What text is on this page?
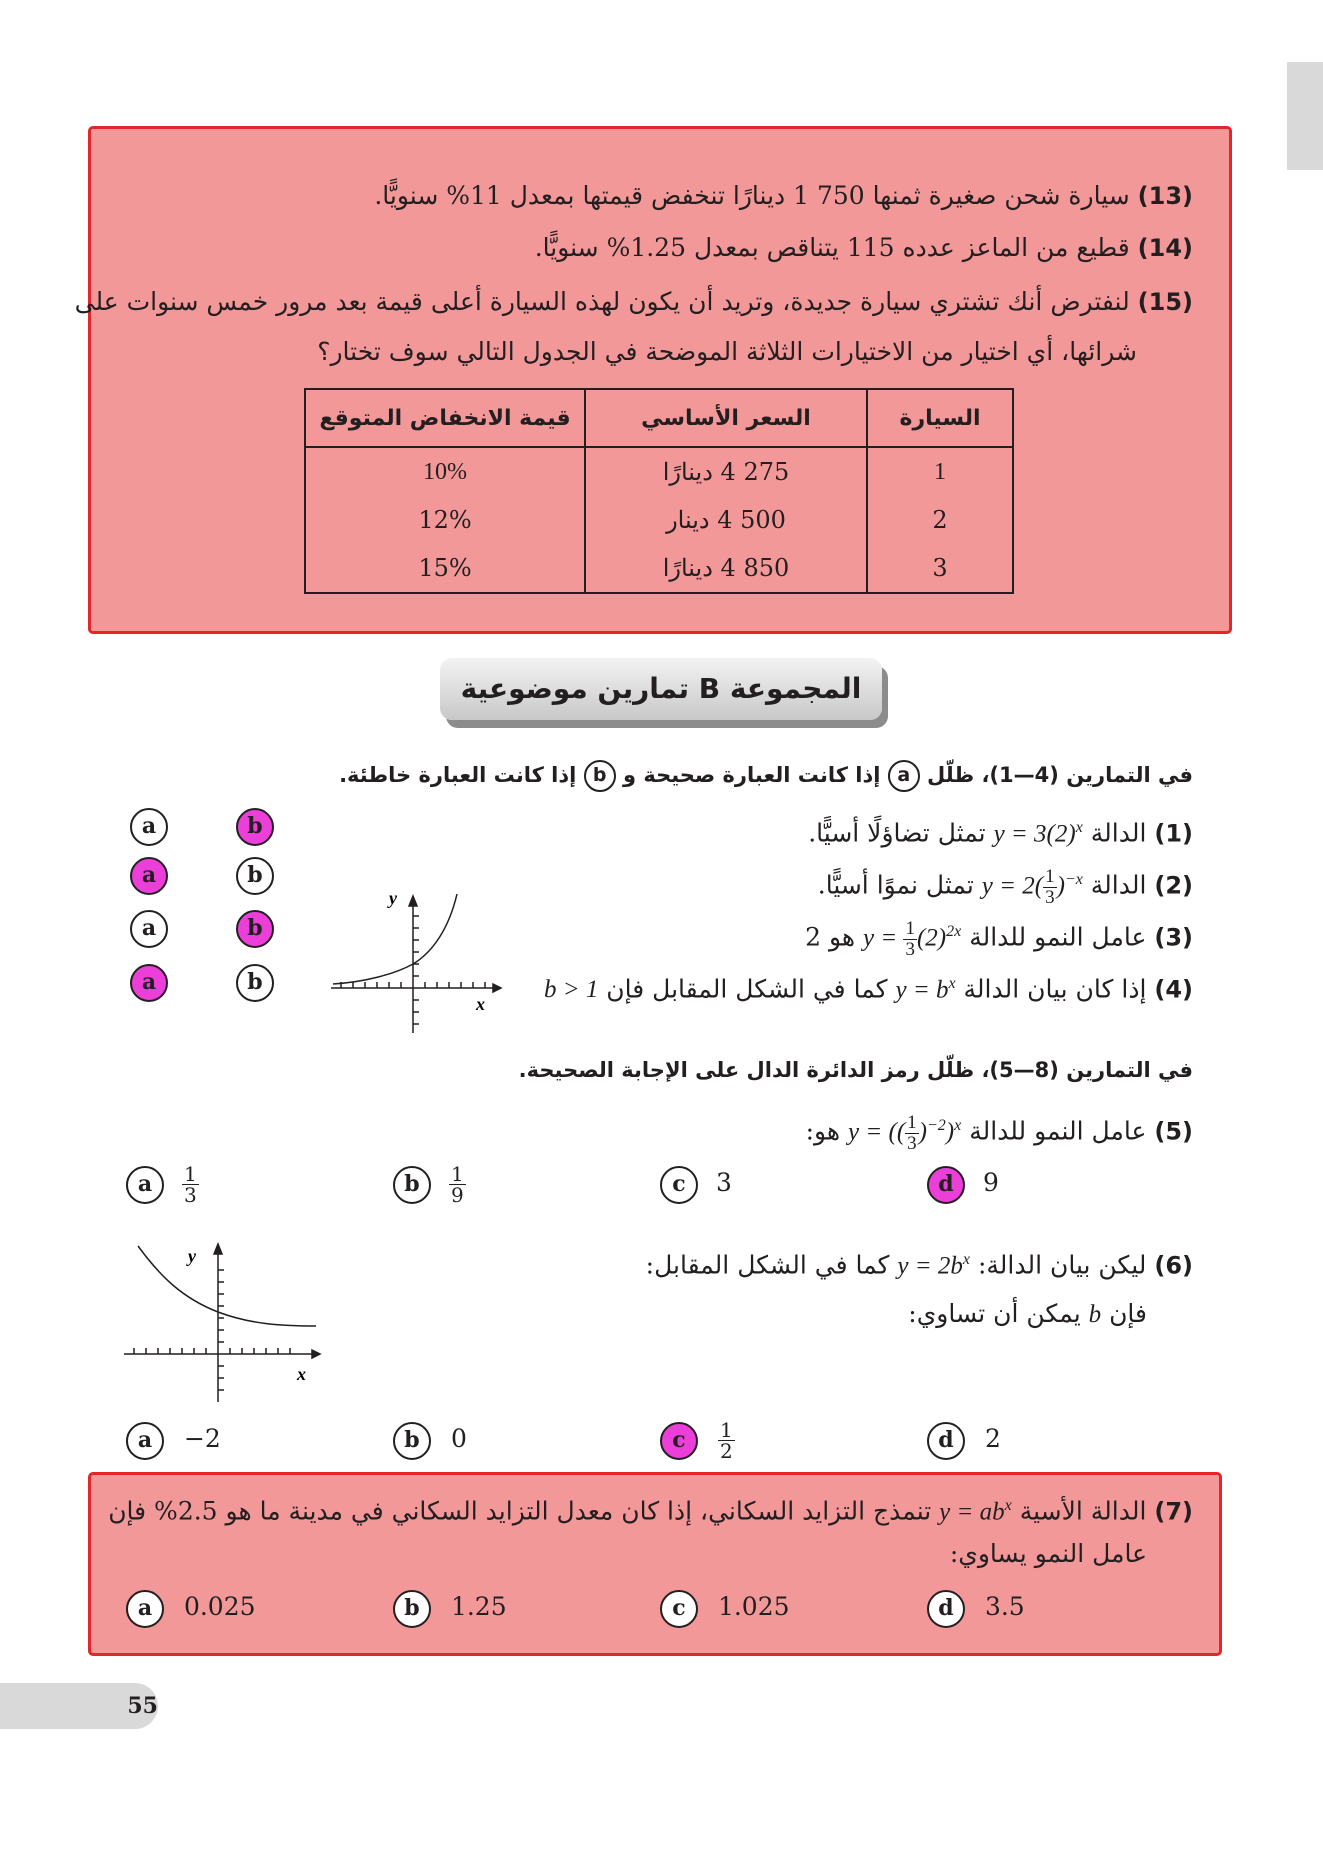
(13) سيارة شحن صغيرة ثمنها 750 1 دينارًا تنخفض قيمتها بمعدل 11% سنويًّا.
(14) قطيع من الماعز عدده 115 يتناقص بمعدل 1.25% سنويًّا.
(15) لنفترض أنك تشتري سيارة جديدة، وتريد أن يكون لهذه السيارة أعلى قيمة بعد مرور خمس سنوات على
شرائها، أي اختيار من الاختيارات الثلاثة الموضحة في الجدول التالي سوف تختار؟
السيارة	السعر الأساسي	قيمة الانخفاض المتوقع
1	275 4 دينارًا	10%
2	500 4 دينار	12%
3	850 4 دينارًا	15%
المجموعة B تمارين موضوعية
في التمارين (4—1)، ظلّل a إذا كانت العبارة صحيحة و b إذا كانت العبارة خاطئة.
(1) الدالة $y = 3(2)^x$ تمثل تضاؤلًا أسيًّا.
(2) الدالة $y = 2( \frac{1}{3} )^{-x}$ تمثل نموًا أسيًّا.
(3) عامل النمو للدالة $y = \frac{1}{3} (2)^{2x}$ هو 2
(4) إذا كان بيان الدالة $y = b^x$ كما في الشكل المقابل فإن b > 1
a	b
a	b
a	b
a	b
y
x
في التمارين (8—5)، ظلّل رمز الدائرة الدال على الإجابة الصحيحة.
(5) عامل النمو للدالة y = (( $\frac{1}{3} )^{-2})^x$ هو:
a $\frac{1}{3}$	b $\frac{1}{9}$	c 3	d 9
(6) ليكن بيان الدالة: $y = 2b^x$ كما في الشكل المقابل:
فإن b يمكن أن تساوي:
y
x
a −2	b 0	c $\frac{1}{2}$	d 2
(7) الدالة الأسية $y = ab^x$ تنمذج التزايد السكاني، إذا كان معدل التزايد السكاني في مدينة ما هو 2.5% فإن
عامل النمو يساوي:
a 0.025	b 1.25	c 1.025	d 3.5
55
